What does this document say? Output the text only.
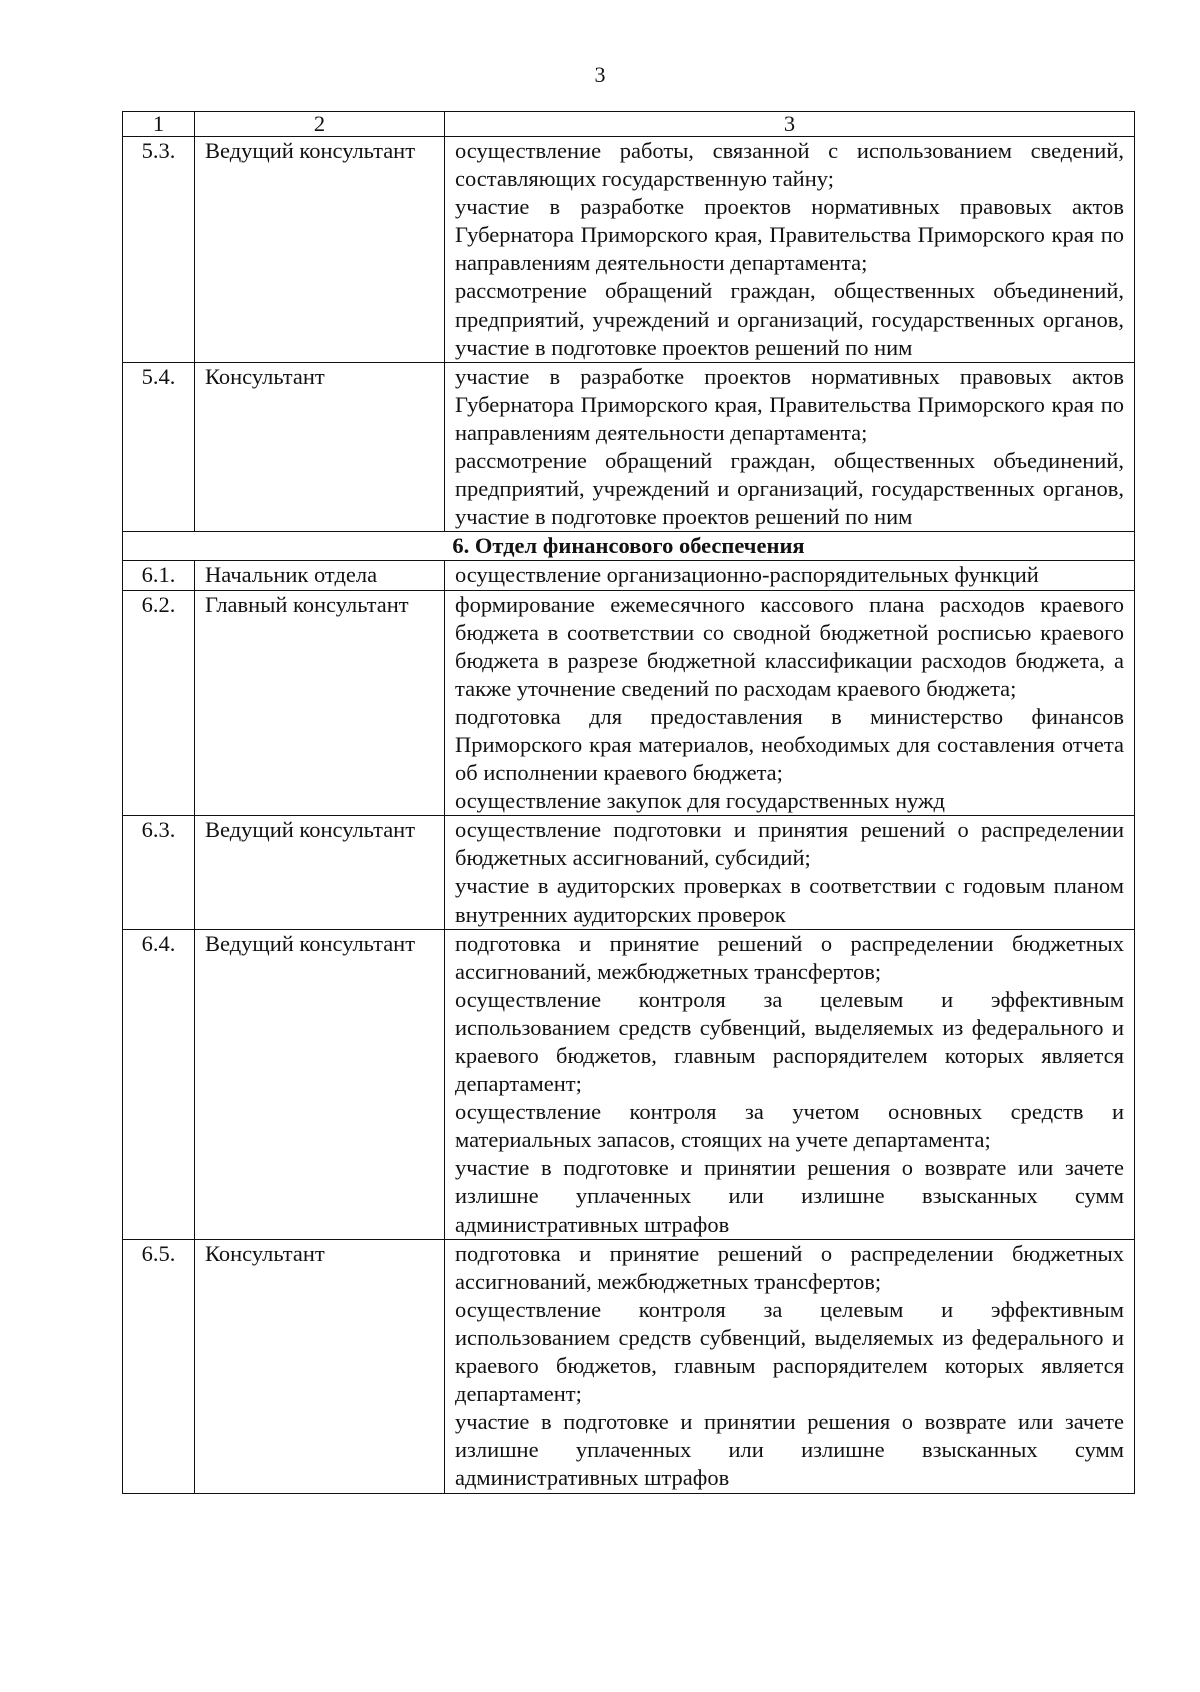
3
1	2	3
5.3.	Ведущий консультант	осуществление работы, связанной с использованием сведений, составляющих государственную тайну;
участие в разработке проектов нормативных правовых актов Губернатора Приморского края, Правительства Приморского края по направлениям деятельности департамента;
рассмотрение обращений граждан, общественных объединений, предприятий, учреждений и организаций, государственных органов, участие в подготовке проектов решений по ним

5.4.	Консультант	участие в разработке проектов нормативных правовых актов Губернатора Приморского края, Правительства Приморского края по направлениям деятельности департамента;
рассмотрение обращений граждан, общественных объединений, предприятий, учреждений и организаций, государственных органов, участие в подготовке проектов решений по ним

6. Отдел финансового обеспечения		
6.1.	Начальник отдела	осуществление организационно-распорядительных функций

6.2.	Главный консультант	формирование ежемесячного кассового плана расходов краевого бюджета в соответствии со сводной бюджетной росписью краевого бюджета в разрезе бюджетной классификации расходов бюджета, а также уточнение сведений по расходам краевого бюджета;
подготовка для предоставления в министерство финансов Приморского края материалов, необходимых для составления отчета об исполнении краевого бюджета;
осуществление закупок для государственных нужд

6.3.	Ведущий консультант	осуществление подготовки и принятия решений о распределении бюджетных ассигнований, субсидий;
участие в аудиторских проверках в соответствии с годовым планом внутренних аудиторских проверок

6.4.	Ведущий консультант	подготовка и принятие решений о распределении бюджетных ассигнований, межбюджетных трансфертов;
осуществление контроля за целевым и эффективным использованием средств субвенций, выделяемых из федерального и краевого бюджетов, главным распорядителем которых является департамент;
осуществление контроля за учетом основных средств и материальных запасов, стоящих на учете департамента;
участие в подготовке и принятии решения о возврате или зачете излишне уплаченных или излишне взысканных сумм административных штрафов

6.5.	Консультант	подготовка и принятие решений о распределении бюджетных ассигнований, межбюджетных трансфертов;
осуществление контроля за целевым и эффективным использованием средств субвенций, выделяемых из федерального и краевого бюджетов, главным распорядителем которых является департамент;
участие в подготовке и принятии решения о возврате или зачете излишне уплаченных или излишне взысканных сумм административных штрафов
